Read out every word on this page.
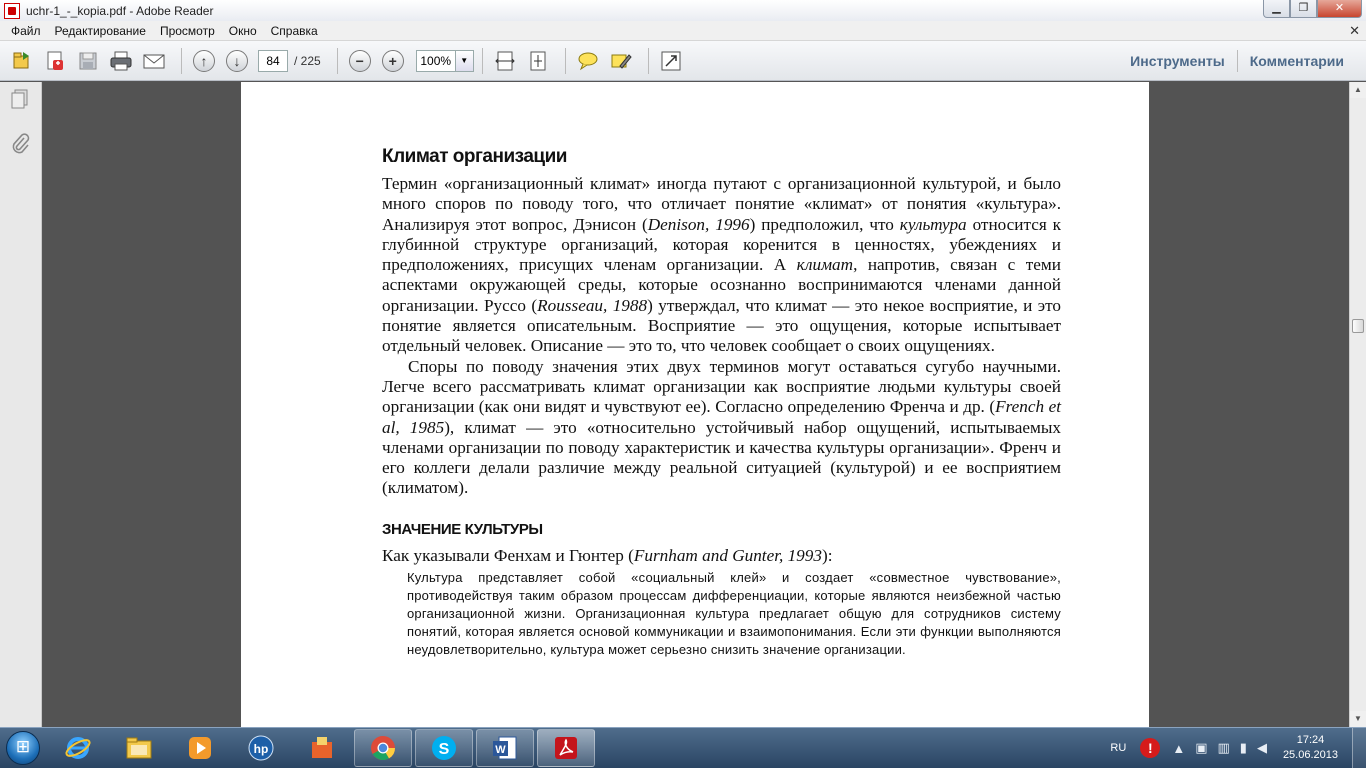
uchr-1_-_kopia.pdf - Adobe Reader	▁	❐	✕
Файл	Редактирование	Просмотр	Окно	Справка	✕
↑	↓
84	/ 225	−	+
100%	▼	Инструменты	Комментарии
Климат организации

Термин «организационный климат» иногда путают с организационной культурой, и было много споров по поводу того, что отличает понятие «климат» от понятия «культура». Анализируя этот вопрос, Дэнисон (Denison, 1996) предположил, что культура относится к глубинной структуре организаций, которая коренится в ценностях, убеждениях и предположениях, присущих членам организации. А климат, напротив, связан с теми аспектами окружающей среды, которые осознанно воспринимаются членами данной организации. Руссо (Rousseau, 1988) утверждал, что климат — это некое восприятие, и это понятие является описательным. Восприятие — это ощущения, которые испытывает отдельный человек. Описание — это то, что человек сообщает о своих ощущениях.

Споры по поводу значения этих двух терминов могут оставаться сугубо научными. Легче всего рассматривать климат организации как восприятие людьми культуры своей организации (как они видят и чувствуют ее). Согласно определению Френча и др. (French et al, 1985), климат — это «относительно устойчивый набор ощущений, испытываемых членами организации по поводу характеристик и качества культуры организации». Френч и его коллеги делали различие между реальной ситуацией (культурой) и ее восприятием (климатом).

ЗНАЧЕНИЕ КУЛЬТУРЫ
Как указывали Фенхам и Гюнтер (Furnham and Gunter, 1993):
Культура представляет собой «социальный клей» и создает «совместное чувствование», противодействуя таким образом процессам дифференциации, которые являются неизбежной частью организационной жизни. Организационная культура предлагает общую для сотрудников систему понятий, которая является основой коммуникации и взаимопонимания. Если эти функции выполняются неудовлетворительно, культура может серьезно снизить значение организации.
▲
▼
⊞
hp	S	W	RU	!	▲ ▣ ▥ ▮ ◀	17:24
25.06.2013
